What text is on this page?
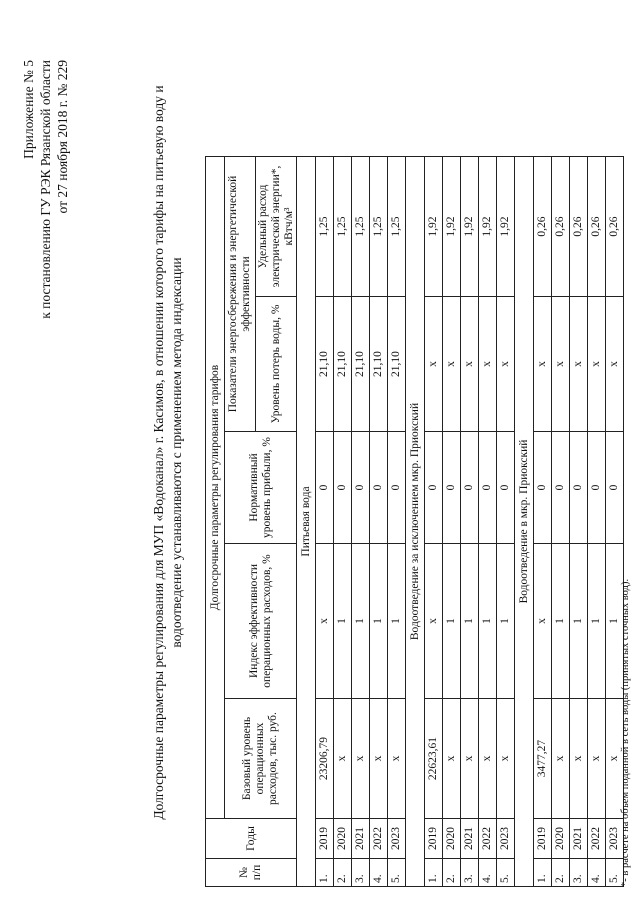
Приложение № 5 к постановлению ГУ РЭК Рязанской области от 27 ноября 2018 г. № 229	Долгосрочные параметры регулирования для МУП «Водоканал» г. Касимов, в отношении которого тарифы на питьевую воду и водоотведение устанавливаются с применением метода индексации
№ п/п	Годы	Долгосрочные параметры регулирования тарифов				
		Базовый уровень операционных расходов, тыс. руб.	Индекс эффективности операционных расходов, %	Нормативный уровень прибыли, %	Показатели энергосбережения и энергетической эффективности	
					Уровень потерь воды, %	Удельный расход электрической энергии*, кВтч/м³
Питьевая вода						
1.	2019	23206,79	x	0	21,10	1,25
2.	2020	x	1	0	21,10	1,25
3.	2021	x	1	0	21,10	1,25
4.	2022	x	1	0	21,10	1,25
5.	2023	x	1	0	21,10	1,25
Водоотведение за исключением мкр. Приокский						
1.	2019	22623,61	x	0	x	1,92
2.	2020	x	1	0	x	1,92
3.	2021	x	1	0	x	1,92
4.	2022	x	1	0	x	1,92
5.	2023	x	1	0	x	1,92
Водоотведение в мкр. Приокский						
1.	2019	3477,27	x	0	x	0,26
2.	2020	x	1	0	x	0,26
3.	2021	x	1	0	x	0,26
4.	2022	x	1	0	x	0,26
5.	2023	x	1	0	x	0,26
*- в расчете на объем поданной в сеть воды (принятых сточных вод).
